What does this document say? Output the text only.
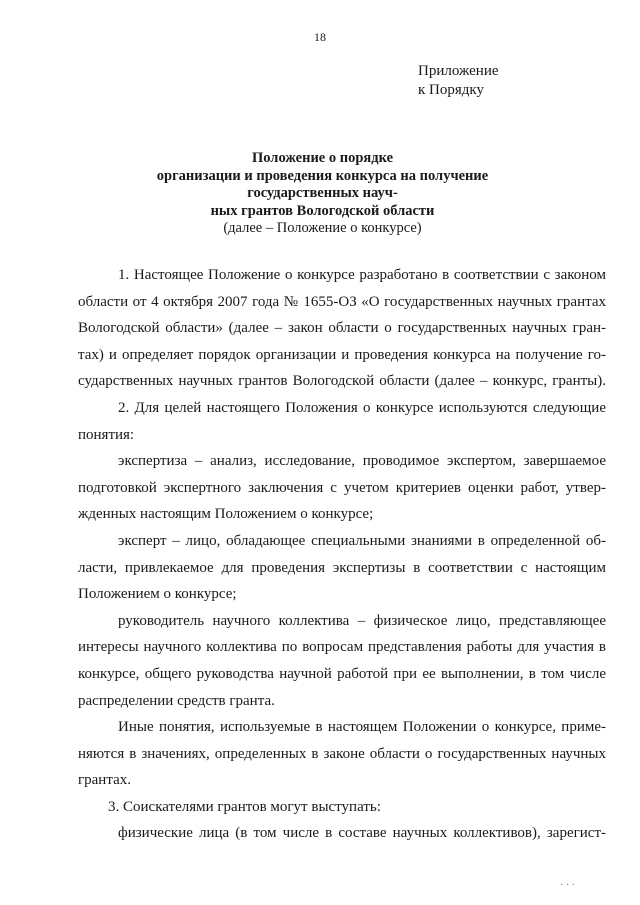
18
Приложение
к Порядку
Положение о порядке
организации и проведения конкурса на получение государственных науч-
ных грантов Вологодской области
(далее – Положение о конкурсе)
1. Настоящее Положение о конкурсе разработано в соответствии с законом
области от 4 октября 2007 года № 1655-ОЗ «О государственных научных грантах
Вологодской области» (далее – закон области о государственных научных гран-
тах) и определяет порядок организации и проведения конкурса на получение го-
сударственных научных грантов Вологодской области (далее – конкурс, гранты).
2. Для целей настоящего Положения о конкурсе используются следующие
понятия:
экспертиза – анализ, исследование, проводимое экспертом, завершаемое
подготовкой экспертного заключения с учетом критериев оценки работ, утвер-
жденных настоящим Положением о конкурсе;
эксперт – лицо, обладающее специальными знаниями в определенной об-
ласти, привлекаемое для проведения экспертизы в соответствии с настоящим
Положением о конкурсе;
руководитель научного коллектива – физическое лицо, представляющее
интересы научного коллектива по вопросам представления работы для участия в
конкурсе, общего руководства научной работой при ее выполнении, в том числе
распределении средств гранта.
Иные понятия, используемые в настоящем Положении о конкурсе, приме-
няются в значениях, определенных в законе области о государственных научных
грантах.
3. Соискателями грантов могут выступать:
физические лица (в том числе в составе научных коллективов), зарегист-
· · ·
